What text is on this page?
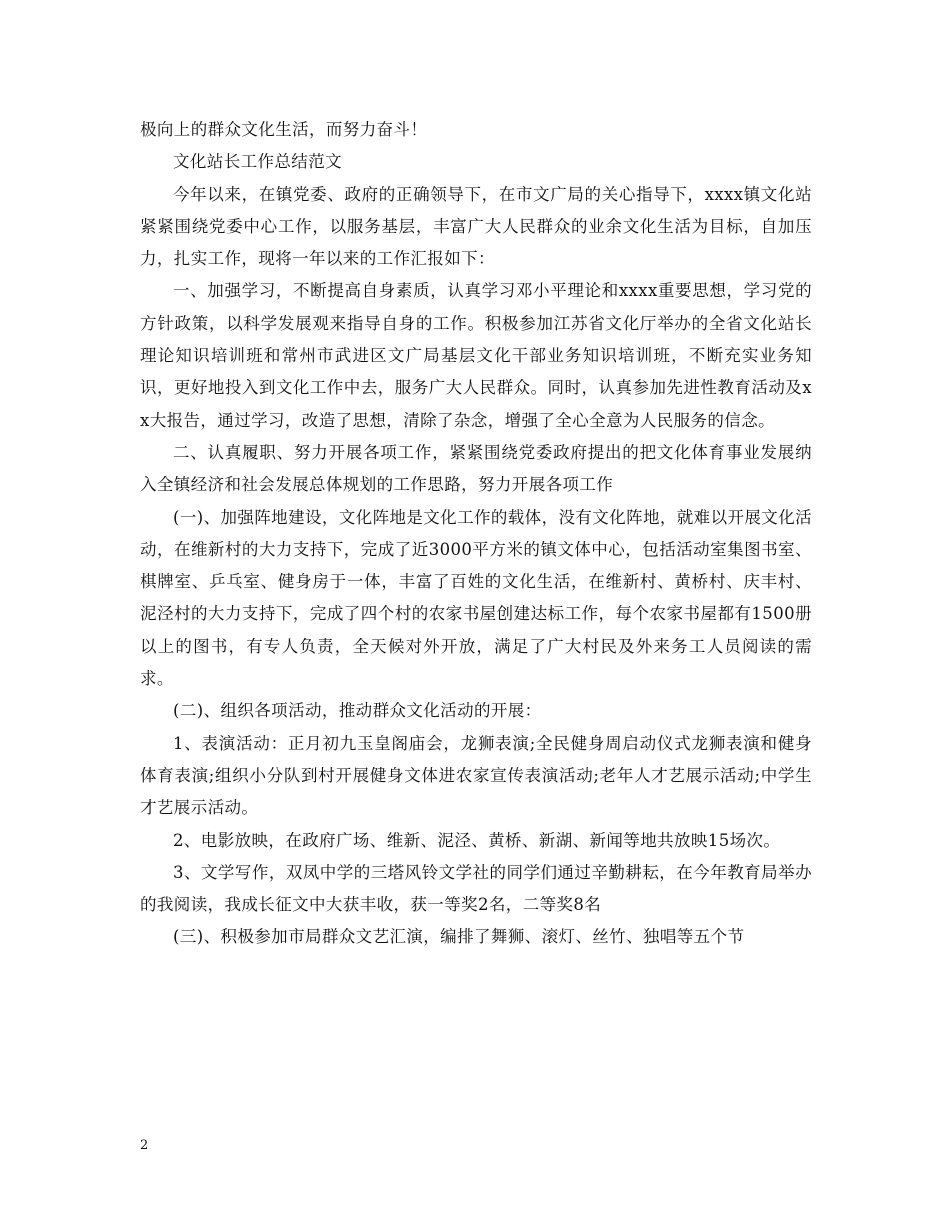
极向上的群众文化生活，而努力奋斗！

文化站长工作总结范文

今年以来，在镇党委、政府的正确领导下，在市文广局的关心指导下，xxxx镇文化站紧紧围绕党委中心工作，以服务基层，丰富广大人民群众的业余文化生活为目标，自加压力，扎实工作，现将一年以来的工作汇报如下：

一、加强学习，不断提高自身素质，认真学习邓小平理论和xxxx重要思想，学习党的方针政策，以科学发展观来指导自身的工作。积极参加江苏省文化厅举办的全省文化站长理论知识培训班和常州市武进区文广局基层文化干部业务知识培训班，不断充实业务知识，更好地投入到文化工作中去，服务广大人民群众。同时，认真参加先进性教育活动及xx大报告，通过学习，改造了思想，清除了杂念，增强了全心全意为人民服务的信念。

二、认真履职、努力开展各项工作，紧紧围绕党委政府提出的把文化体育事业发展纳入全镇经济和社会发展总体规划的工作思路，努力开展各项工作

(一)、加强阵地建设，文化阵地是文化工作的载体，没有文化阵地，就难以开展文化活动，在维新村的大力支持下，完成了近3000平方米的镇文体中心，包括活动室集图书室、棋牌室、乒乓室、健身房于一体，丰富了百姓的文化生活，在维新村、黄桥村、庆丰村、泥泾村的大力支持下，完成了四个村的农家书屋创建达标工作，每个农家书屋都有1500册以上的图书，有专人负责，全天候对外开放，满足了广大村民及外来务工人员阅读的需求。

(二)、组织各项活动，推动群众文化活动的开展：

1、表演活动：正月初九玉皇阁庙会，龙狮表演;全民健身周启动仪式龙狮表演和健身体育表演;组织小分队到村开展健身文体进农家宣传表演活动;老年人才艺展示活动;中学生才艺展示活动。

2、电影放映，在政府广场、维新、泥泾、黄桥、新湖、新闻等地共放映15场次。

3、文学写作，双凤中学的三塔风铃文学社的同学们通过辛勤耕耘，在今年教育局举办的我阅读，我成长征文中大获丰收，获一等奖2名，二等奖8名

(三)、积极参加市局群众文艺汇演，编排了舞狮、滚灯、丝竹、独唱等五个节

2
